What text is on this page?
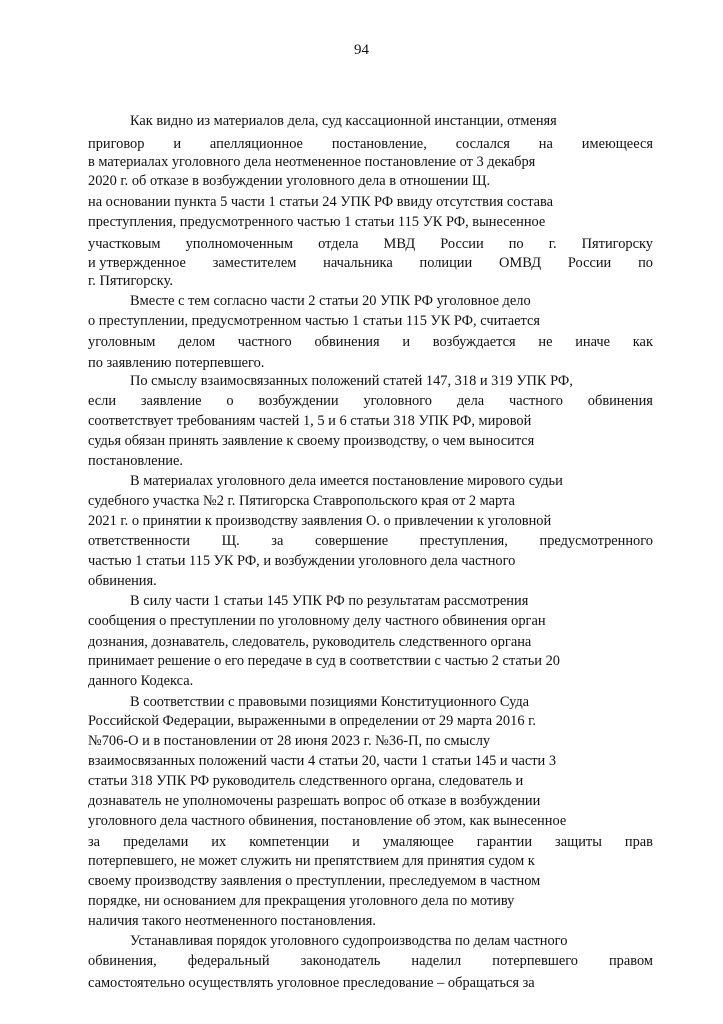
94
Как видно из материалов дела, суд кассационной инстанции, отменяя
приговор и апелляционное постановление, сослался на имеющееся
в материалах уголовного дела неотмененное постановление от 3 декабря
2020 г. об отказе в возбуждении уголовного дела в отношении Щ.
на основании пункта 5 части 1 статьи 24 УПК РФ ввиду отсутствия состава
преступления, предусмотренного частью 1 статьи 115 УК РФ, вынесенное
участковым уполномоченным отдела МВД России по г. Пятигорску
и утвержденное заместителем начальника полиции ОМВД России по
г. Пятигорску.
Вместе с тем согласно части 2 статьи 20 УПК РФ уголовное дело
о преступлении, предусмотренном частью 1 статьи 115 УК РФ, считается
уголовным делом частного обвинения и возбуждается не иначе как
по заявлению потерпевшего.
По смыслу взаимосвязанных положений статей 147, 318 и 319 УПК РФ,
если заявление о возбуждении уголовного дела частного обвинения
соответствует требованиям частей 1, 5 и 6 статьи 318 УПК РФ, мировой
судья обязан принять заявление к своему производству, о чем выносится
постановление.
В материалах уголовного дела имеется постановление мирового судьи
судебного участка №2 г. Пятигорска Ставропольского края от 2 марта
2021 г. о принятии к производству заявления О. о привлечении к уголовной
ответственности Щ. за совершение преступления, предусмотренного
частью 1 статьи 115 УК РФ, и возбуждении уголовного дела частного
обвинения.
В силу части 1 статьи 145 УПК РФ по результатам рассмотрения
сообщения о преступлении по уголовному делу частного обвинения орган
дознания, дознаватель, следователь, руководитель следственного органа
принимает решение о его передаче в суд в соответствии с частью 2 статьи 20
данного Кодекса.
В соответствии с правовыми позициями Конституционного Суда
Российской Федерации, выраженными в определении от 29 марта 2016 г.
№706-О и в постановлении от 28 июня 2023 г. №36-П, по смыслу
взаимосвязанных положений части 4 статьи 20, части 1 статьи 145 и части 3
статьи 318 УПК РФ руководитель следственного органа, следователь и
дознаватель не уполномочены разрешать вопрос об отказе в возбуждении
уголовного дела частного обвинения, постановление об этом, как вынесенное
за пределами их компетенции и умаляющее гарантии защиты прав
потерпевшего, не может служить ни препятствием для принятия судом к
своему производству заявления о преступлении, преследуемом в частном
порядке, ни основанием для прекращения уголовного дела по мотиву
наличия такого неотмененного постановления.
Устанавливая порядок уголовного судопроизводства по делам частного
обвинения, федеральный законодатель наделил потерпевшего правом
самостоятельно осуществлять уголовное преследование – обращаться за
